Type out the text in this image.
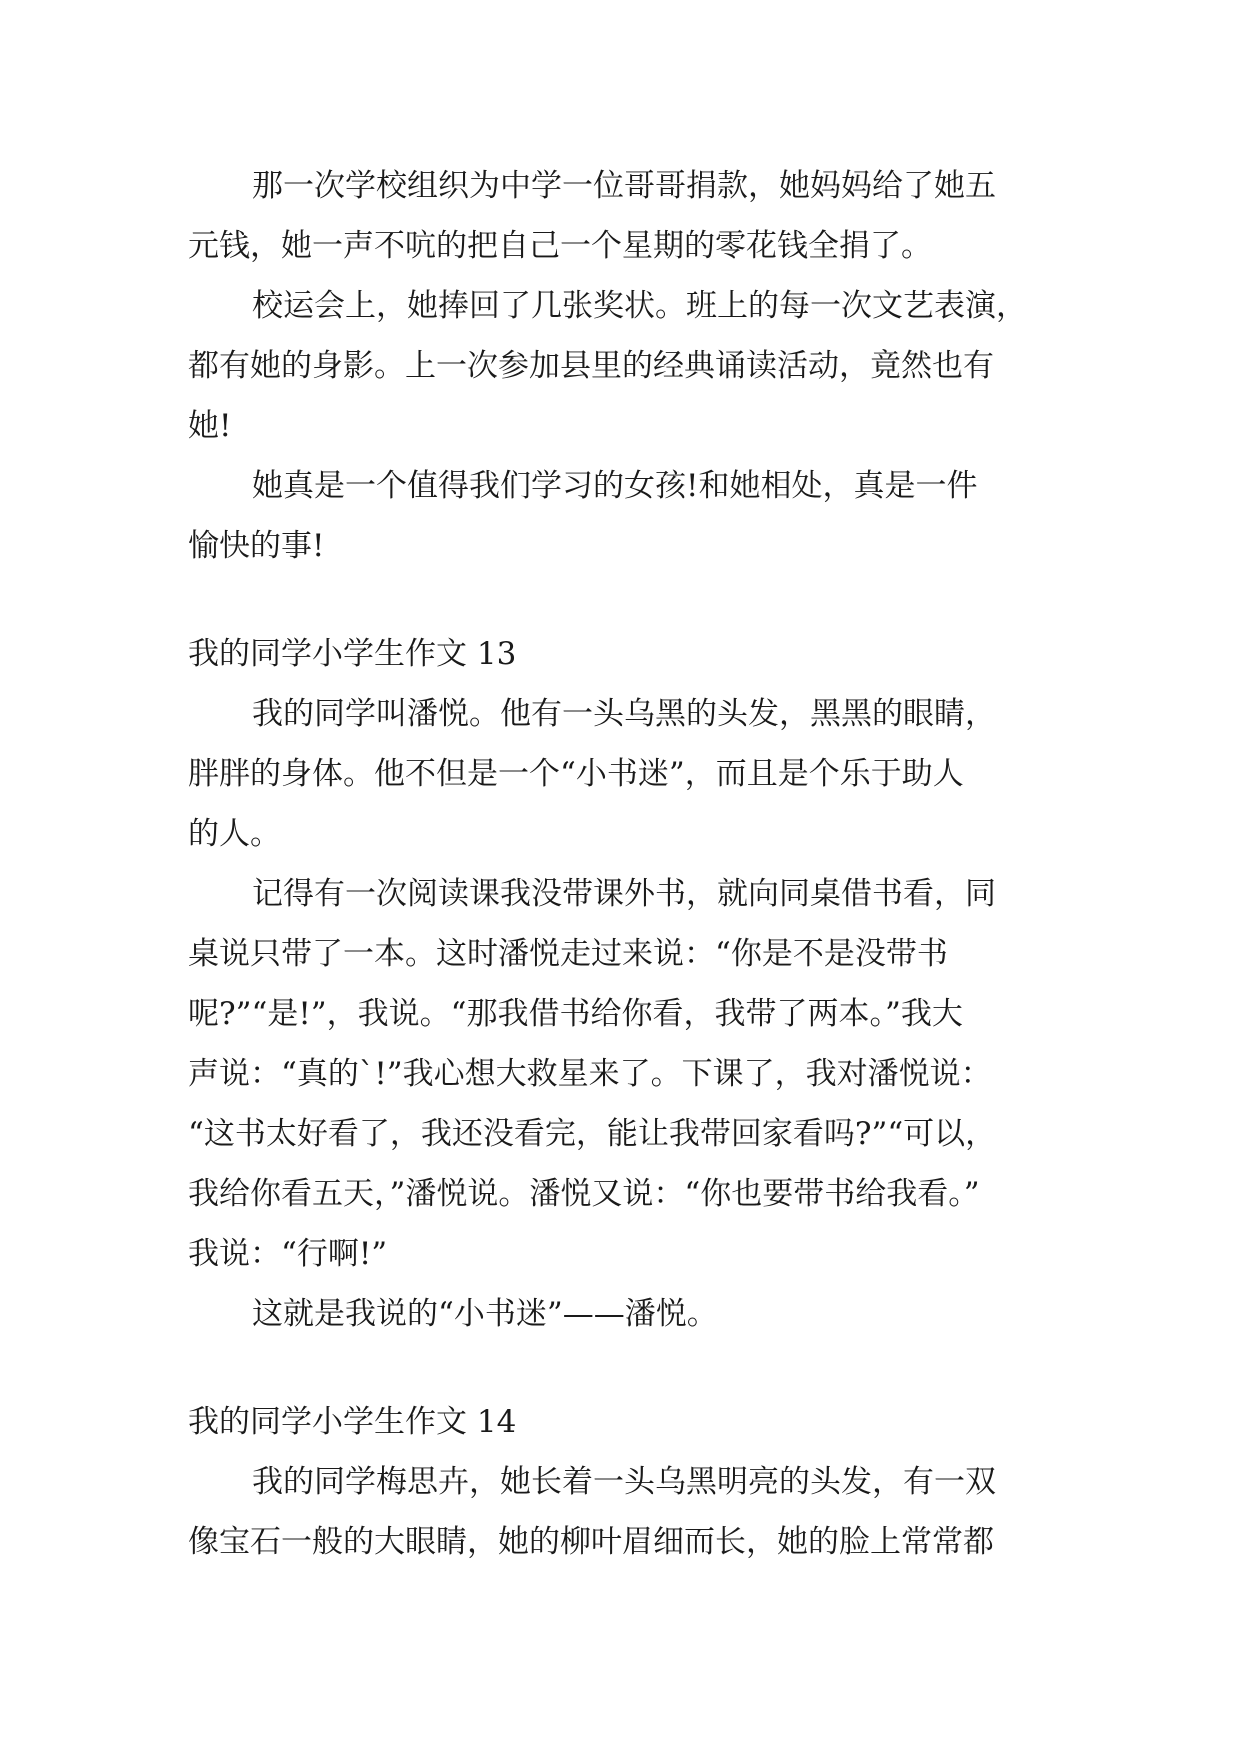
那一次学校组织为中学一位哥哥捐款，她妈妈给了她五
元钱，她一声不吭的把自己一个星期的零花钱全捐了。
校运会上，她捧回了几张奖状。班上的每一次文艺表演，
都有她的身影。上一次参加县里的经典诵读活动，竟然也有
她!
她真是一个值得我们学习的女孩!和她相处，真是一件
愉快的事!
我的同学小学生作文 13
我的同学叫潘悦。他有一头乌黑的头发，黑黑的眼睛，
胖胖的身体。他不但是一个“小书迷”，而且是个乐于助人
的人。
记得有一次阅读课我没带课外书，就向同桌借书看，同
桌说只带了一本。这时潘悦走过来说：“你是不是没带书
呢?”“是!”，我说。“那我借书给你看，我带了两本。”我大
声说：“真的`!”我心想大救星来了。下课了，我对潘悦说：
“这书太好看了，我还没看完，能让我带回家看吗?”“可以，
我给你看五天，”潘悦说。潘悦又说：“你也要带书给我看。”
我说：“行啊!”
这就是我说的“小书迷”——潘悦。
我的同学小学生作文 14
我的同学梅思卉，她长着一头乌黑明亮的头发，有一双
像宝石一般的大眼睛，她的柳叶眉细而长，她的脸上常常都
